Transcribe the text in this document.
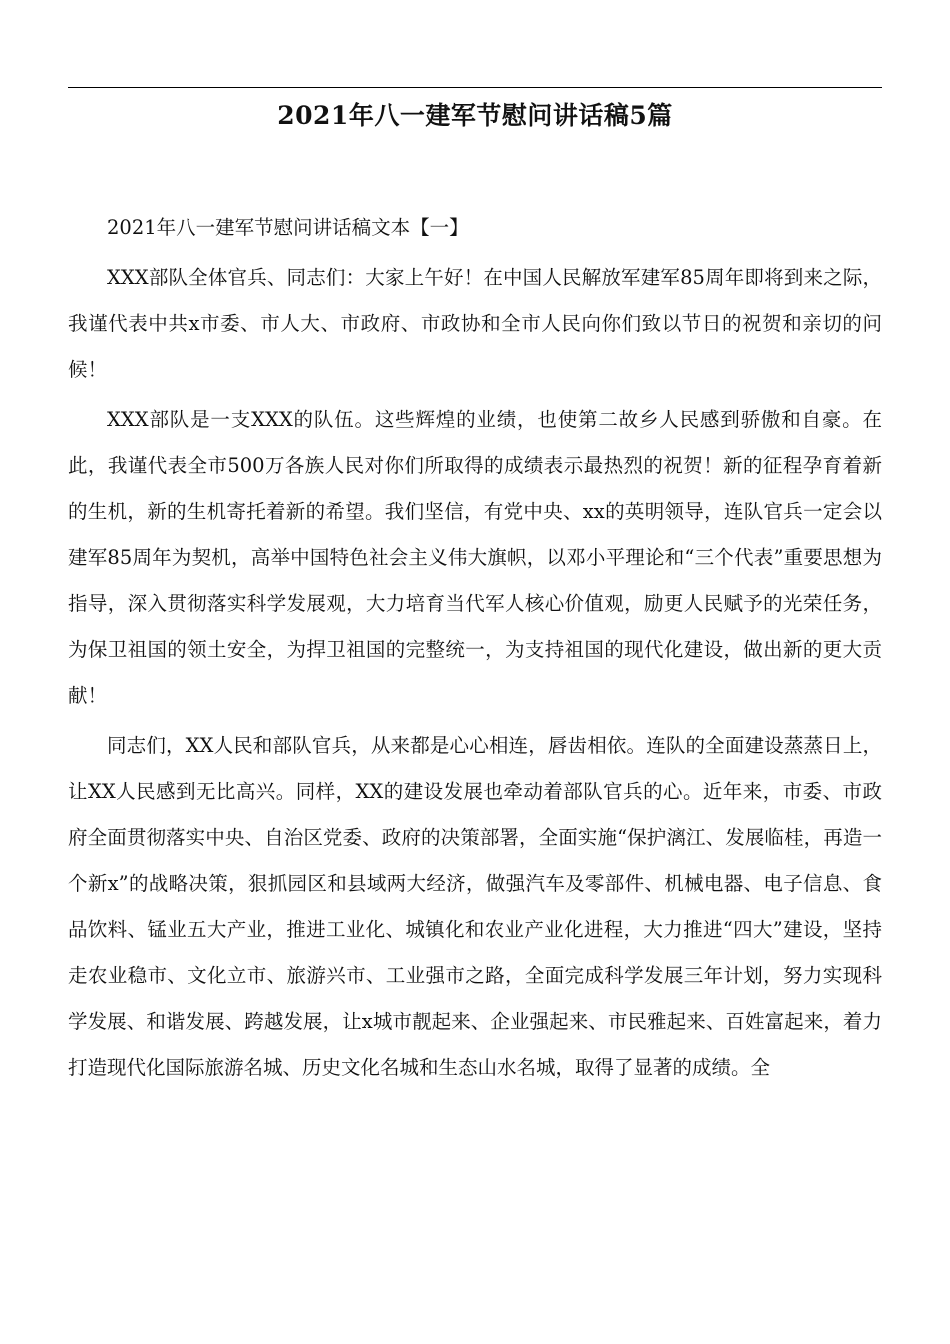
2021年八一建军节慰问讲话稿5篇

2021年八一建军节慰问讲话稿文本【一】

XXX部队全体官兵、同志们：大家上午好！在中国人民解放军建军85周年即将到来之际，我谨代表中共x市委、市人大、市政府、市政协和全市人民向你们致以节日的祝贺和亲切的问候！

XXX部队是一支XXX的队伍。这些辉煌的业绩，也使第二故乡人民感到骄傲和自豪。在此，我谨代表全市500万各族人民对你们所取得的成绩表示最热烈的祝贺！新的征程孕育着新的生机，新的生机寄托着新的希望。我们坚信，有党中央、xx的英明领导，连队官兵一定会以建军85周年为契机，高举中国特色社会主义伟大旗帜，以邓小平理论和“三个代表”重要思想为指导，深入贯彻落实科学发展观，大力培育当代军人核心价值观，励更人民赋予的光荣任务，为保卫祖国的领土安全，为捍卫祖国的完整统一，为支持祖国的现代化建设，做出新的更大贡献！

同志们，XX人民和部队官兵，从来都是心心相连，唇齿相依。连队的全面建设蒸蒸日上，让XX人民感到无比高兴。同样，XX的建设发展也牵动着部队官兵的心。近年来，市委、市政府全面贯彻落实中央、自治区党委、政府的决策部署，全面实施“保护漓江、发展临桂，再造一个新x”的战略决策，狠抓园区和县域两大经济，做强汽车及零部件、机械电器、电子信息、食品饮料、锰业五大产业，推进工业化、城镇化和农业产业化进程，大力推进“四大”建设，坚持走农业稳市、文化立市、旅游兴市、工业强市之路，全面完成科学发展三年计划，努力实现科学发展、和谐发展、跨越发展，让x城市靓起来、企业强起来、市民雅起来、百姓富起来，着力打造现代化国际旅游名城、历史文化名城和生态山水名城，取得了显著的成绩。全
